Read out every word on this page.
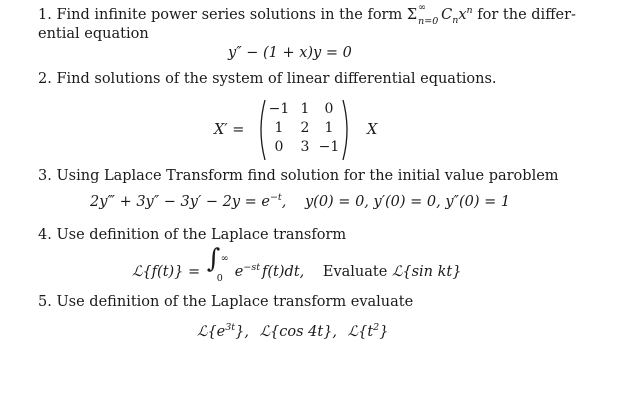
1. Find infinite power series solutions in the form Σ ∞
n=0 $C_nx^n$ for the differ-
ential equation
y″ − (1 + x)y = 0
2. Find solutions of the system of linear differential equations.
X′ =
−1 1	0
1	2	1
0	3 −1
X
3. Using Laplace Transform find solution for the initial value parobl​em
2y‴ + $3y'' - 3y' - 2y = e^{-t}$, y(0) = 0, y′(0) = 0, y″(0) = 1
4. Use definition of the Laplace transform
ℒ{f(t)} = ∫ ∞
0 $e^{-st}$ f(t)dt, Evaluate ℒ{sin kt}
5. Use definition of the Laplace transform evaluate
$ℒ\{e^{3t}\}$, ℒ{cos 4t}, $ℒ\{t^2\}$
